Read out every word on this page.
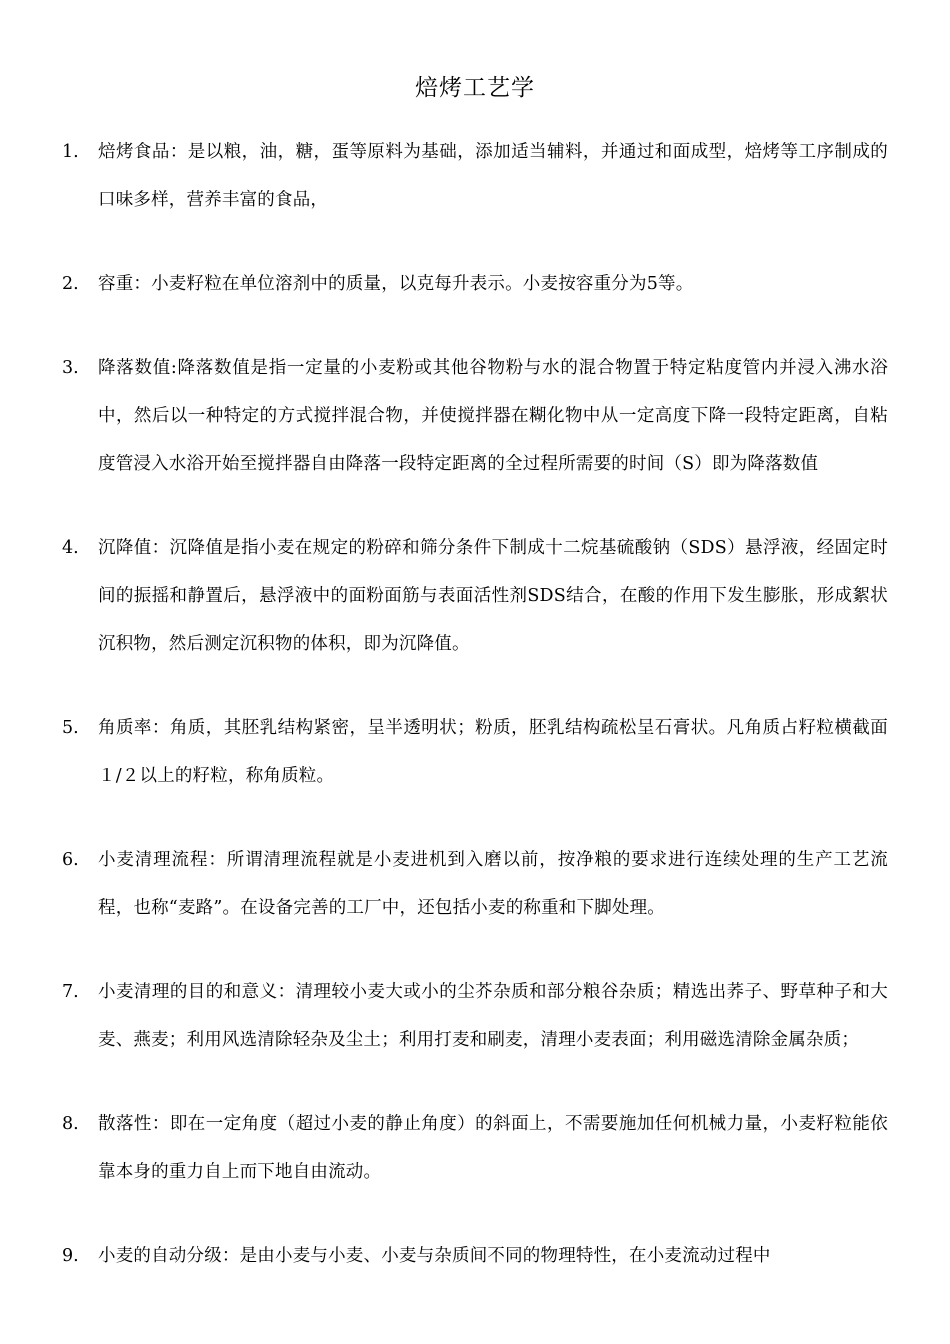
焙烤工艺学
1.	焙烤食品：是以粮，油，糖，蛋等原料为基础，添加适当辅料，并通过和面成型，焙烤等工序制成的口味多样，营养丰富的食品，
2.	容重：小麦籽粒在单位溶剂中的质量，以克每升表示。小麦按容重分为5等。
3.	降落数值:降落数值是指一定量的小麦粉或其他谷物粉与水的混合物置于特定粘度管内并浸入沸水浴中，然后以一种特定的方式搅拌混合物，并使搅拌器在糊化物中从一定高度下降一段特定距离，自粘度管浸入水浴开始至搅拌器自由降落一段特定距离的全过程所需要的时间（S）即为降落数值
4.	沉降值：沉降值是指小麦在规定的粉碎和筛分条件下制成十二烷基硫酸钠（SDS）悬浮液，经固定时间的振摇和静置后，悬浮液中的面粉面筋与表面活性剂SDS结合，在酸的作用下发生膨胀，形成絮状沉积物，然后测定沉积物的体积，即为沉降值。
5.	角质率：角质，其胚乳结构紧密，呈半透明状；粉质，胚乳结构疏松呈石膏状。凡角质占籽粒横截面１/２以上的籽粒，称角质粒。
6.	小麦清理流程：所谓清理流程就是小麦进机到入磨以前，按净粮的要求进行连续处理的生产工艺流程，也称“麦路”。在设备完善的工厂中，还包括小麦的称重和下脚处理。
7.	小麦清理的目的和意义：清理较小麦大或小的尘芥杂质和部分粮谷杂质；精选出荞子、野草种子和大麦、燕麦；利用风选清除轻杂及尘土；利用打麦和刷麦，清理小麦表面；利用磁选清除金属杂质；
8.	散落性：即在一定角度（超过小麦的静止角度）的斜面上，不需要施加任何机械力量，小麦籽粒能依靠本身的重力自上而下地自由流动。
9.	小麦的自动分级：是由小麦与小麦、小麦与杂质间不同的物理特性，在小麦流动过程中
